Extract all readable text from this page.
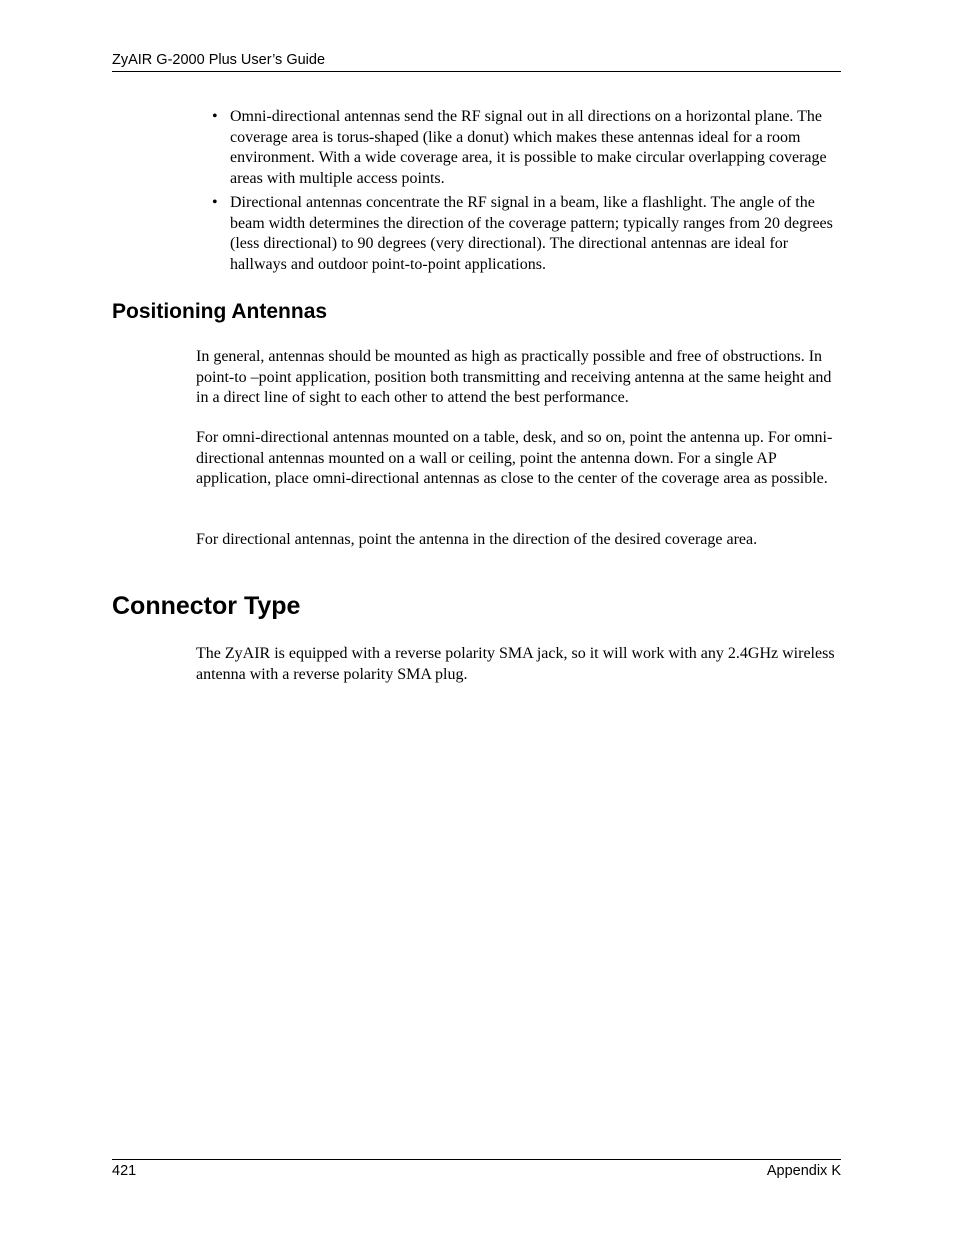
ZyAIR G-2000 Plus User’s Guide
• Omni-directional antennas send the RF signal out in all directions on a horizontal plane. The coverage area is torus-shaped (like a donut) which makes these antennas ideal for a room environment. With a wide coverage area, it is possible to make circular overlapping coverage areas with multiple access points.
• Directional antennas concentrate the RF signal in a beam, like a flashlight. The angle of the beam width determines the direction of the coverage pattern; typically ranges from 20 degrees (less directional) to 90 degrees (very directional). The directional antennas are ideal for hallways and outdoor point-to-point applications.
Positioning Antennas

In general, antennas should be mounted as high as practically possible and free of obstructions. In point-to –point application, position both transmitting and receiving antenna at the same height and in a direct line of sight to each other to attend the best performance.

For omni-directional antennas mounted on a table, desk, and so on, point the antenna up. For omni-directional antennas mounted on a wall or ceiling, point the antenna down. For a single AP application, place omni-directional antennas as close to the center of the coverage area as possible.

For directional antennas, point the antenna in the direction of the desired coverage area.

Connector Type

The ZyAIR is equipped with a reverse polarity SMA jack, so it will work with any 2.4GHz wireless antenna with a reverse polarity SMA plug.

421	Appendix K
